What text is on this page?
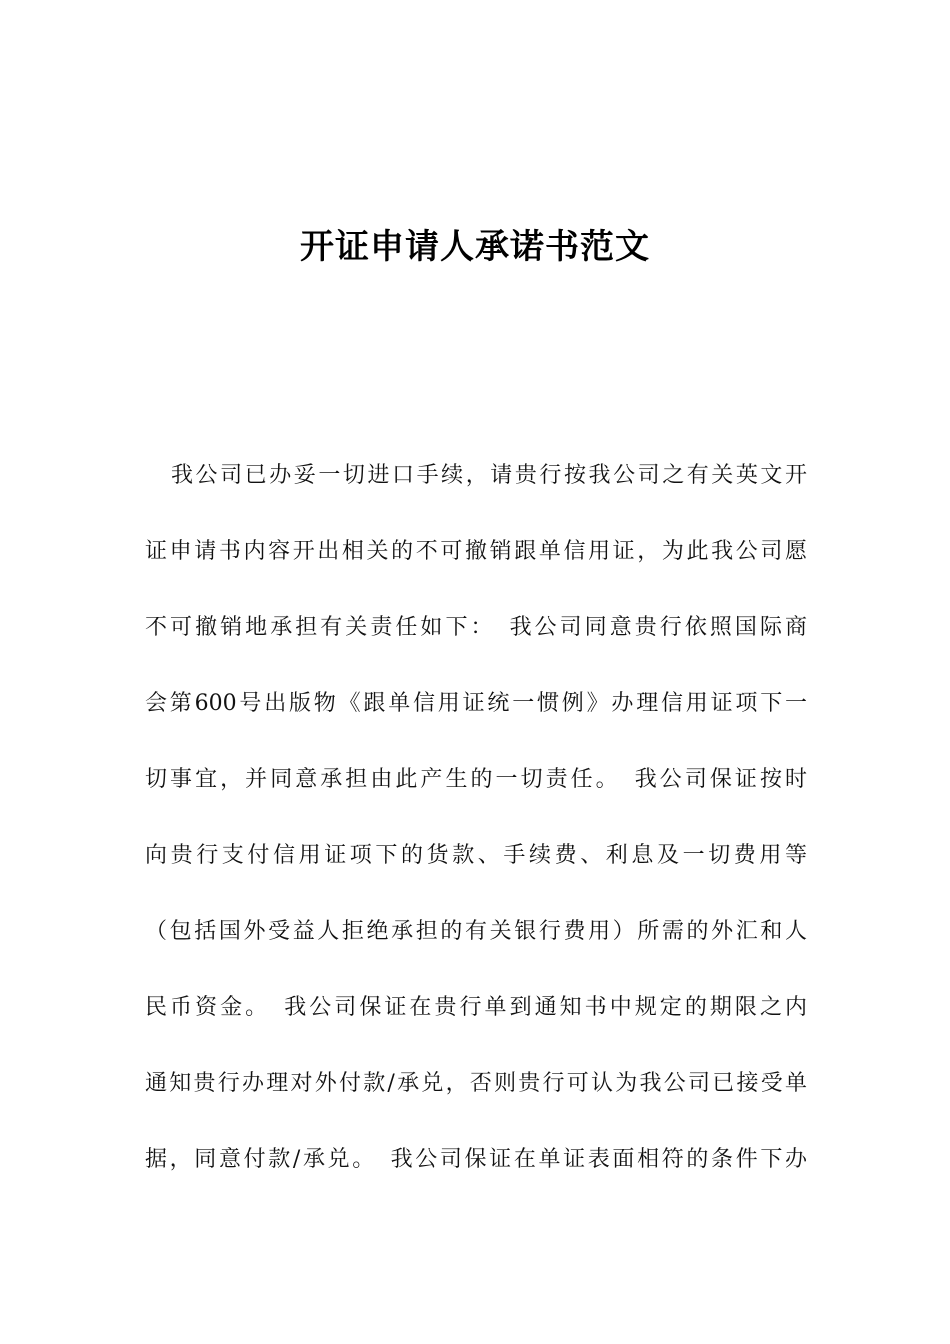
开证申请人承诺书范文
我公司已办妥一切进口手续，请贵行按我公司之有关英文开
证申请书内容开出相关的不可撤销跟单信用证，为此我公司愿
不可撤销地承担有关责任如下：　我公司同意贵行依照国际商
会第600号出版物《跟单信用证统一惯例》办理信用证项下一
切事宜，并同意承担由此产生的一切责任。　我公司保证按时
向贵行支付信用证项下的货款、手续费、利息及一切费用等
（包括国外受益人拒绝承担的有关银行费用）所需的外汇和人
民币资金。　我公司保证在贵行单到通知书中规定的期限之内
通知贵行办理对外付款/承兑，否则贵行可认为我公司已接受单
据，同意付款/承兑。　我公司保证在单证表面相符的条件下办
